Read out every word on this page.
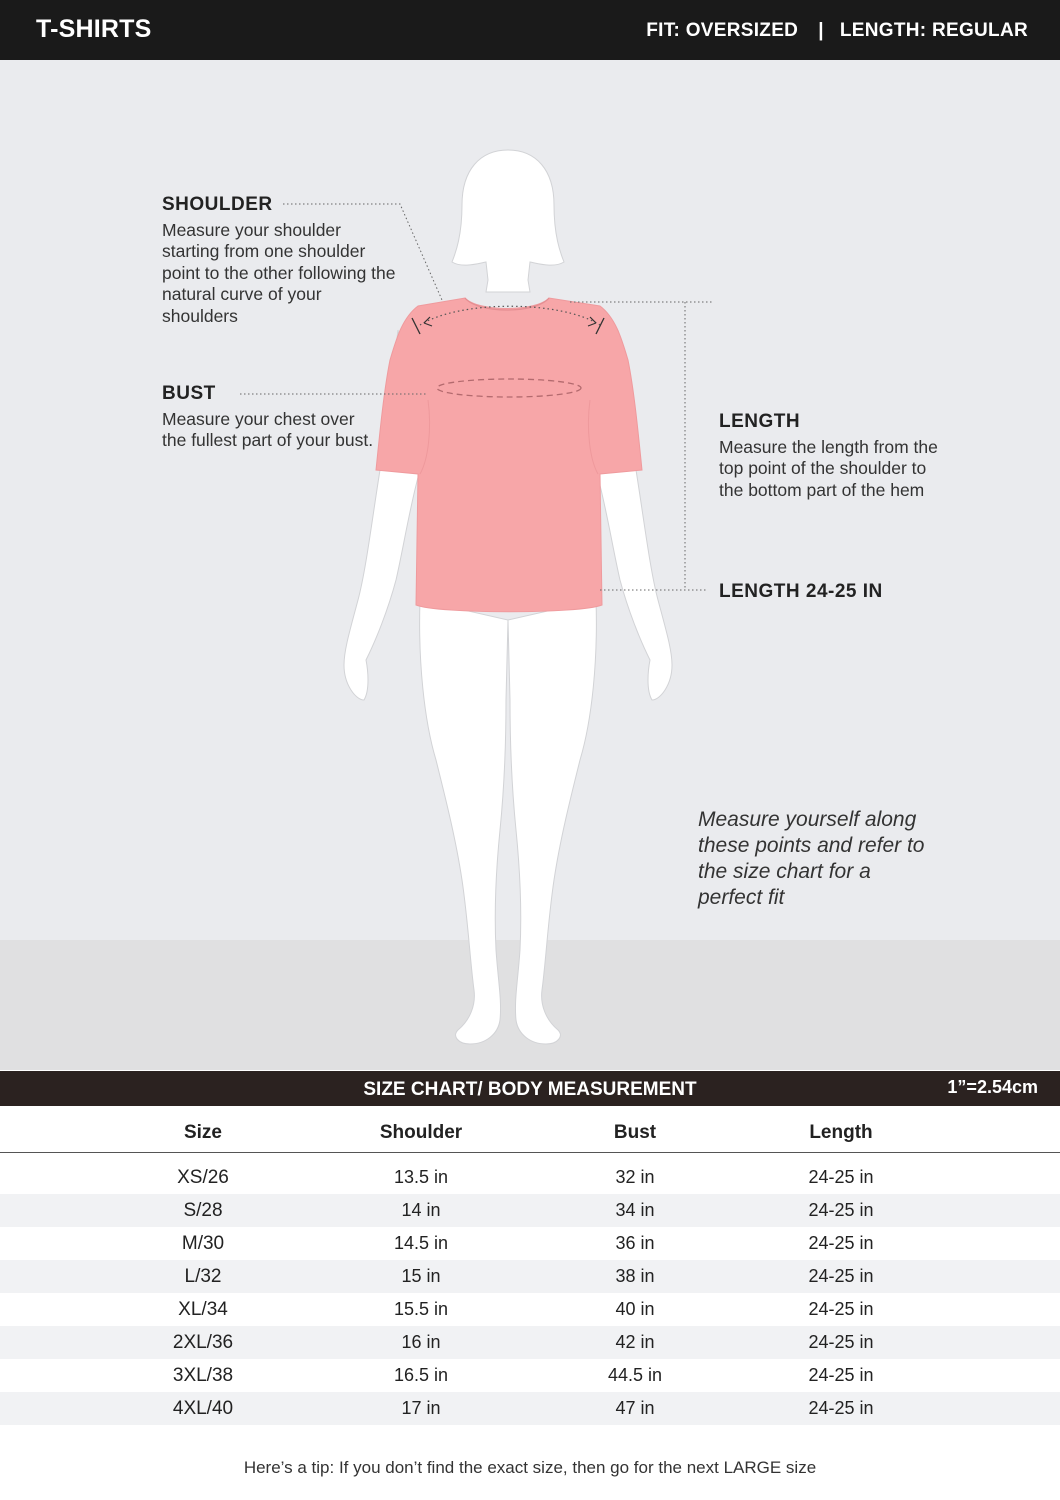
T-SHIRTS	FIT: OVERSIZED | LENGTH: REGULAR
SHOULDER
Measure your shoulder starting from one shoulder point to the other following the natural curve of your shoulders
BUST
Measure your chest over the fullest part of your bust.
LENGTH
Measure the length from the top point of the shoulder to the bottom part of the hem
LENGTH 24-25 IN
Measure yourself along these points and refer to the size chart for a perfect fit
SIZE CHART/ BODY MEASUREMENT	1”=2.54cm
Size	Shoulder	Bust	Length
XS/26	13.5 in	32 in	24-25 in
S/28	14 in	34 in	24-25 in
M/30	14.5 in	36 in	24-25 in
L/32	15 in	38 in	24-25 in
XL/34	15.5 in	40 in	24-25 in
2XL/36	16 in	42 in	24-25 in
3XL/38	16.5 in	44.5 in	24-25 in
4XL/40	17 in	47 in	24-25 in
Here’s a tip: If you don’t find the exact size, then go for the next LARGE size
